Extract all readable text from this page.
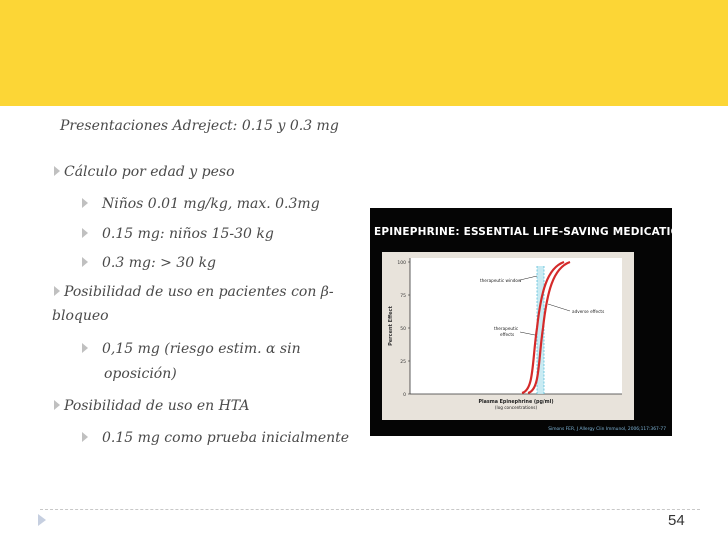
Presentaciones Adreject: 0.15 y 0.3 mg
Cálculo por edad y peso
Niños 0.01 mg/kg, max. 0.3mg
0.15 mg: niños 15-30 kg
0.3 mg: > 30 kg
Posibilidad de uso en pacientes con β-
bloqueo
0,15 mg (riesgo estim. α sin
oposición)
Posibilidad de uso en HTA
0.15 mg como prueba inicialmente
EPINEPHRINE: ESSENTIAL LIFE-SAVING MEDICATION
100
75
50
25
0
Percent Effect
therapeutic window
adverse effects
therapeutic
effects
Plasma Epinephrine (pg/ml)
(log concentrations)
Simons FER, J Allergy Clin Immunol, 2006;117:367-77
54
